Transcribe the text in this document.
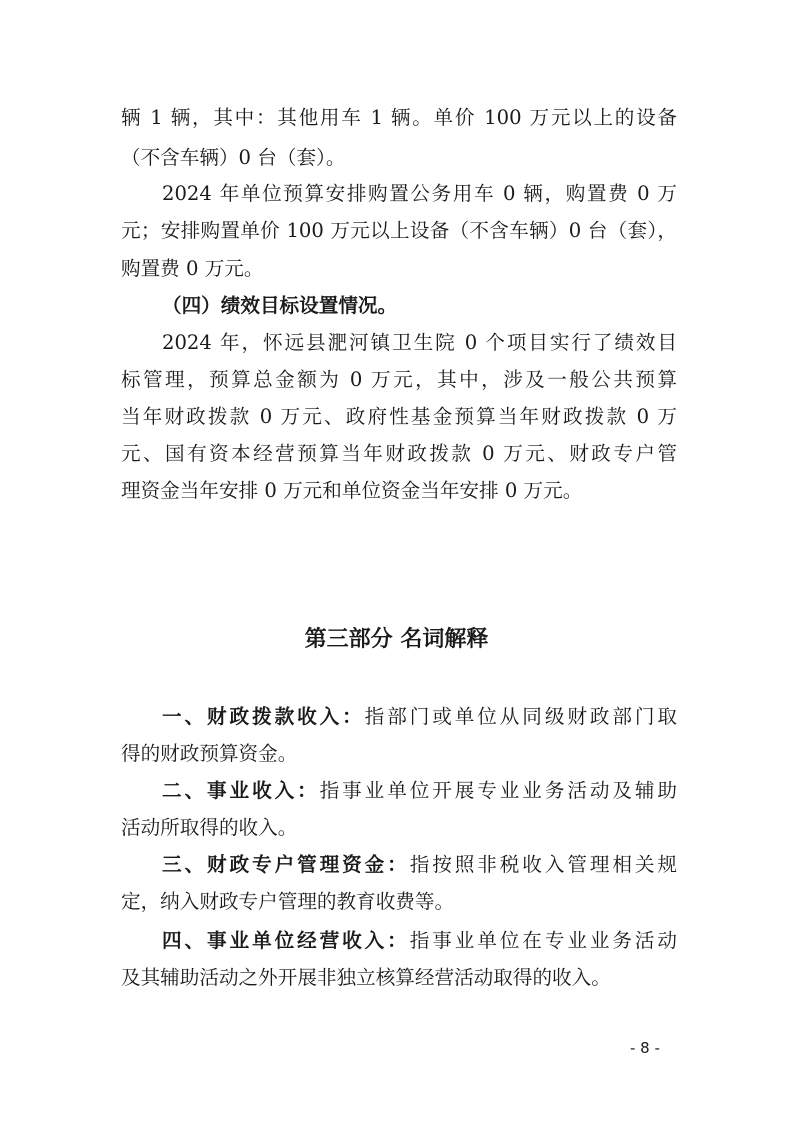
辆 1 辆，其中：其他用车 1 辆。单价 100 万元以上的设备
（不含车辆）0 台（套）。
2024 年单位预算安排购置公务用车 0 辆，购置费 0 万
元；安排购置单价 100 万元以上设备（不含车辆）0 台（套），
购置费 0 万元。
（四）绩效目标设置情况。
2024 年，怀远县淝河镇卫生院 0 个项目实行了绩效目
标管理，预算总金额为 0 万元，其中，涉及一般公共预算
当年财政拨款 0 万元、政府性基金预算当年财政拨款 0 万
元、国有资本经营预算当年财政拨款 0 万元、财政专户管
理资金当年安排 0 万元和单位资金当年安排 0 万元。
第三部分 名词解释
一、财政拨款收入：指部门或单位从同级财政部门取
得的财政预算资金。
二、事业收入：指事业单位开展专业业务活动及辅助
活动所取得的收入。
三、财政专户管理资金：指按照非税收入管理相关规
定，纳入财政专户管理的教育收费等。
四、事业单位经营收入：指事业单位在专业业务活动
及其辅助活动之外开展非独立核算经营活动取得的收入。
- 8 -
